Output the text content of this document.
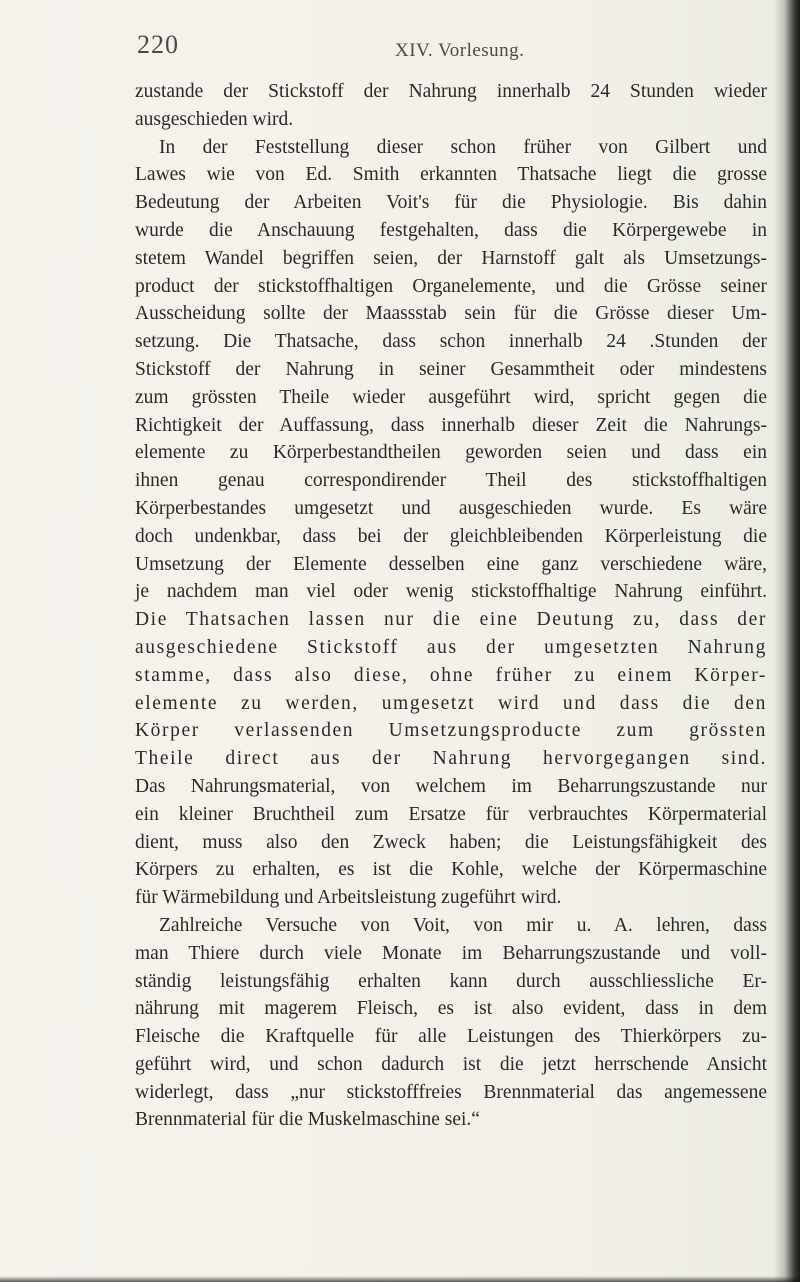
220	XIV. Vorlesung.
zustande der Stickstoff der Nahrung innerhalb 24 Stunden wieder
ausgeschieden wird.
In der Feststellung dieser schon früher von Gilbert und
Lawes wie von Ed. Smith erkannten Thatsache liegt die grosse
Bedeutung der Arbeiten Voit's für die Physiologie. Bis dahin
wurde die Anschauung festgehalten, dass die Körpergewebe in
stetem Wandel begriffen seien, der Harnstoff galt als Umsetzungs-
product der stickstoffhaltigen Organelemente, und die Grösse seiner
Ausscheidung sollte der Maassstab sein für die Grösse dieser Um-
setzung. Die Thatsache, dass schon innerhalb 24 .Stunden der
Stickstoff der Nahrung in seiner Gesammtheit oder mindestens
zum grössten Theile wieder ausgeführt wird, spricht gegen die
Richtigkeit der Auffassung, dass innerhalb dieser Zeit die Nahrungs-
elemente zu Körperbestandtheilen geworden seien und dass ein
ihnen genau correspondirender Theil des stickstoffhaltigen
Körperbestandes umgesetzt und ausgeschieden wurde. Es wäre
doch undenkbar, dass bei der gleichbleibenden Körperleistung die
Umsetzung der Elemente desselben eine ganz verschiedene wäre,
je nachdem man viel oder wenig stickstoffhaltige Nahrung einführt.
Die Thatsachen lassen nur die eine Deutung zu, dass der
ausgeschiedene Stickstoff aus der umgesetzten Nahrung
stamme, dass also diese, ohne früher zu einem Körper-
elemente zu werden, umgesetzt wird und dass die den
Körper verlassenden Umsetzungsproducte zum grössten
Theile direct aus der Nahrung hervorgegangen sind.
Das Nahrungsmaterial, von welchem im Beharrungszustande nur
ein kleiner Bruchtheil zum Ersatze für verbrauchtes Körpermaterial
dient, muss also den Zweck haben; die Leistungsfähigkeit des
Körpers zu erhalten, es ist die Kohle, welche der Körpermaschine
für Wärmebildung und Arbeitsleistung zugeführt wird.
Zahlreiche Versuche von Voit, von mir u. A. lehren, dass
man Thiere durch viele Monate im Beharrungszustande und voll-
ständig leistungsfähig erhalten kann durch ausschliessliche Er-
nährung mit magerem Fleisch, es ist also evident, dass in dem
Fleische die Kraftquelle für alle Leistungen des Thierkörpers zu-
geführt wird, und schon dadurch ist die jetzt herrschende Ansicht
widerlegt, dass „nur stickstofffreies Brennmaterial das angemessene
Brennmaterial für die Muskelmaschine sei.“
